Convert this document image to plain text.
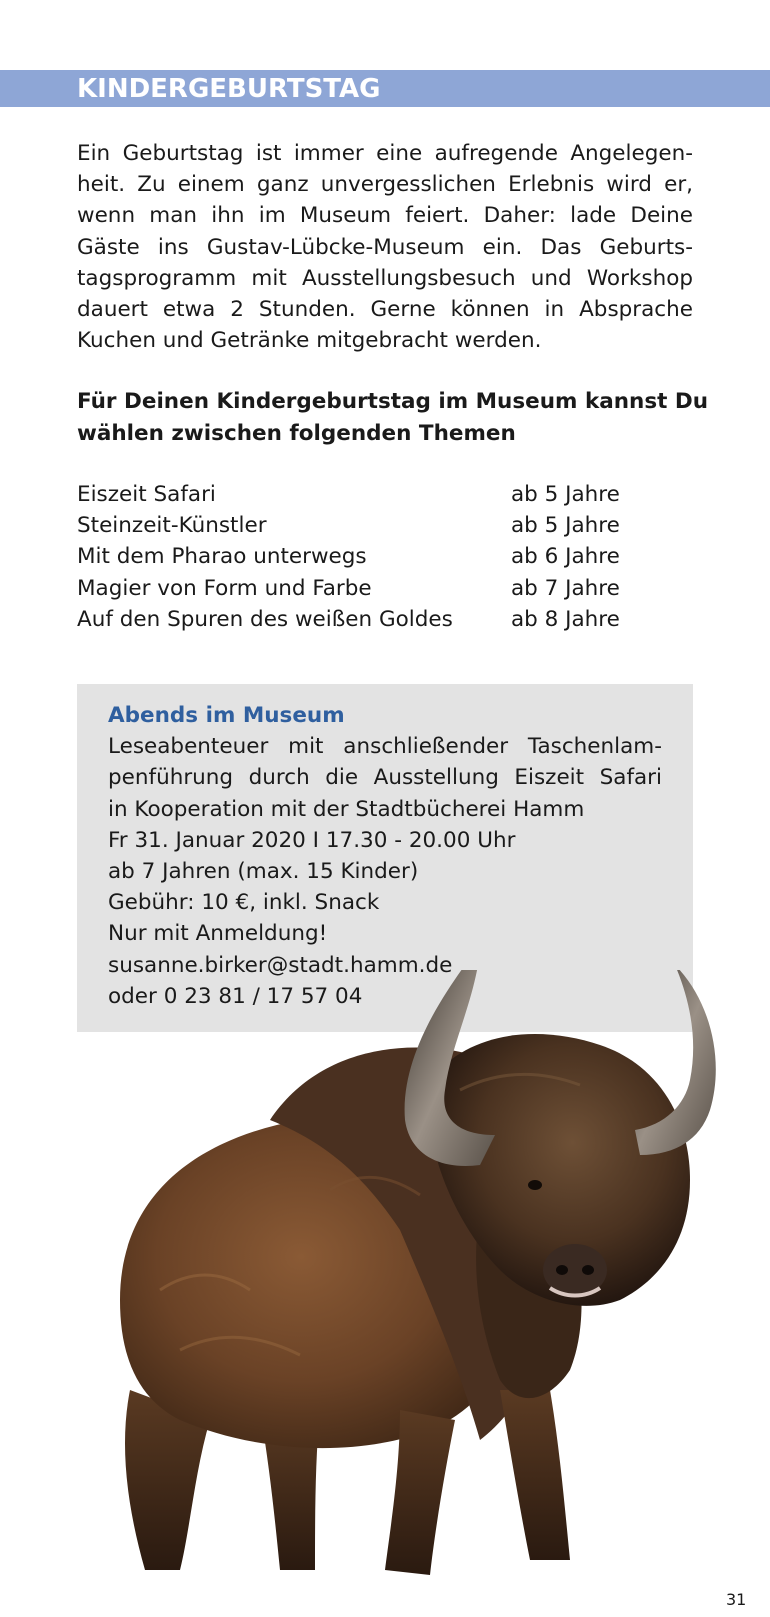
KINDERGEBURTSTAG
Ein Geburtstag ist immer eine aufregende Angelegen-
heit. Zu einem ganz unvergesslichen Erlebnis wird er,
wenn man ihn im Museum feiert. Daher: lade Deine
Gäste ins Gustav-Lübcke-Museum ein. Das Geburts-
tagsprogramm mit Ausstellungsbesuch und Workshop
dauert etwa 2 Stunden. Gerne können in Absprache
Kuchen und Getränke mitgebracht werden.
Für Deinen Kindergeburtstag im Museum kannst Du
wählen zwischen folgenden Themen
Eiszeit Safari	ab 5 Jahre
Steinzeit-Künstler	ab 5 Jahre
Mit dem Pharao unterwegs	ab 6 Jahre
Magier von Form und Farbe	ab 7 Jahre
Auf den Spuren des weißen Goldes	ab 8 Jahre
Abends im Museum
Leseabenteuer mit anschließender Taschenlam-
penführung durch die Ausstellung Eiszeit Safari
in Kooperation mit der Stadtbücherei Hamm
Fr 31. Januar 2020 I 17.30 - 20.00 Uhr
ab 7 Jahren (max. 15 Kinder)
Gebühr: 10 €, inkl. Snack
Nur mit Anmeldung!
susanne.birker@stadt.hamm.de
oder 0 23 81 / 17 57 04
31
